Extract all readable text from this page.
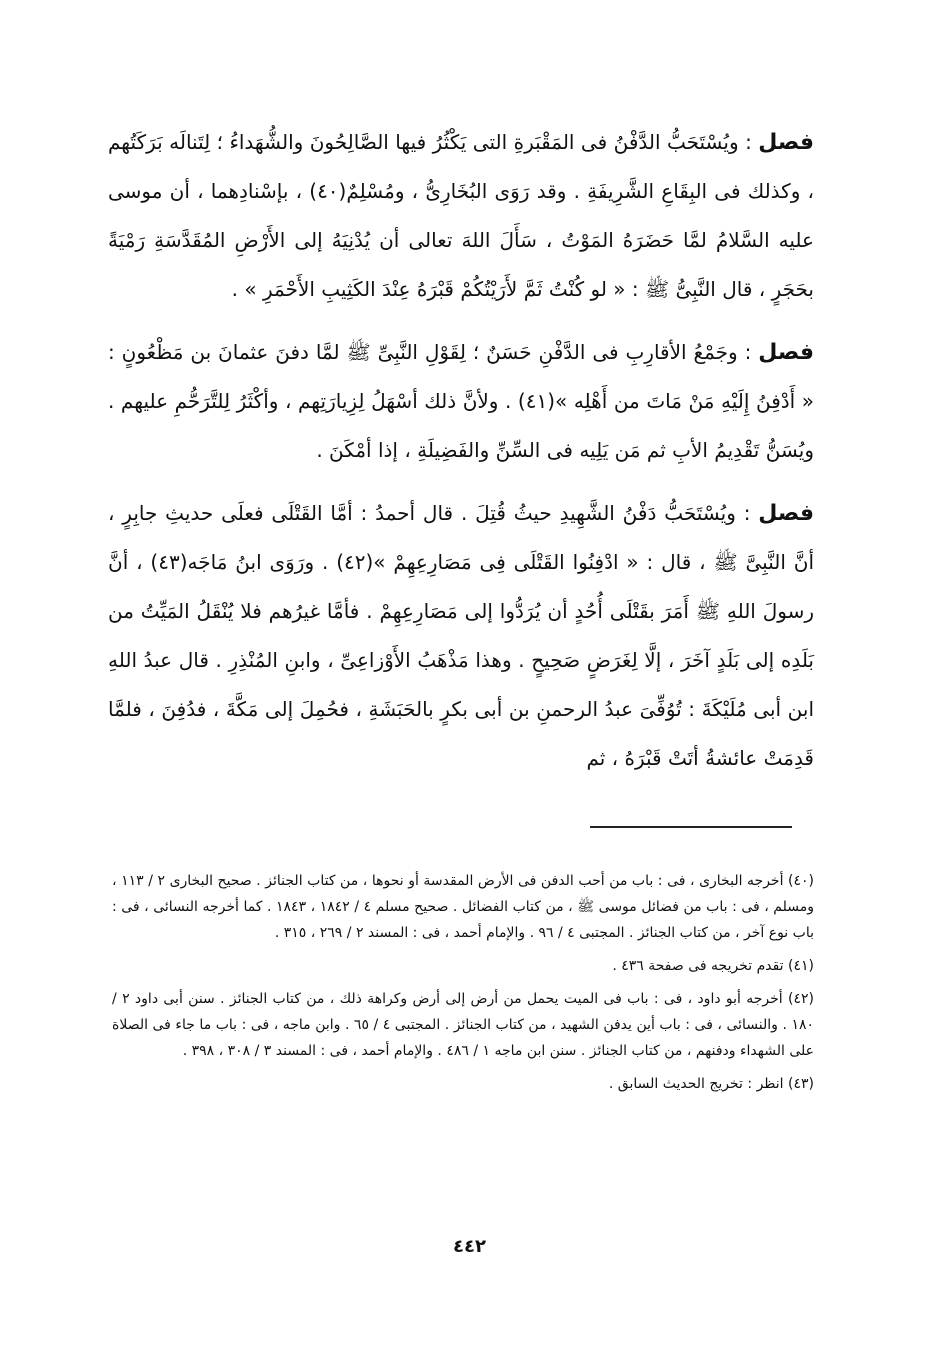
فصل : ويُسْتَحَبُّ الدَّفْنُ فى المَقْبَرةِ التى يَكْثُرُ فيها الصَّالِحُونَ والشُّهَداءُ ؛ لِتَنالَه بَرَكَتُهم ، وكذلك فى البِقَاعِ الشَّرِيفَةِ . وقد رَوَى البُخَارِىُّ ، ومُسْلِمٌ(٤٠) ، بإسْنادِهما ، أن موسى عليه السَّلامُ لمَّا حَضَرَهُ المَوْتُ ، سَأَلَ اللهَ تعالى أن يُدْنِيَهُ إلى الأَرْضِ المُقَدَّسَةِ رَمْيَةً بحَجَرٍ ، قال النَّبِىُّ ﷺ : « لو كُنْتُ ثَمَّ لأَرَيْتُكُمْ قَبْرَهُ عِنْدَ الكَثِيبِ الأَحْمَرِ » .

فصل : وجَمْعُ الأقارِبِ فى الدَّفْنِ حَسَنٌ ؛ لِقَوْلِ النَّبِىِّ ﷺ لمَّا دفنَ عثمانَ بن مَظْعُونٍ : « أَدْفِنُ إِلَيْهِ مَنْ مَاتَ من أَهْلِه »(٤١) . ولأنَّ ذلك أسْهَلُ لِزِيارَتِهم ، وأكْثَرُ لِلتَّرَحُّمِ عليهم . ويُسَنُّ تَقْدِيمُ الأبِ ثم مَن يَلِيه فى السِّنِّ والفَضِيلَةِ ، إذا أمْكَنَ .

فصل : ويُسْتَحَبُّ دَفْنُ الشَّهِيدِ حيثُ قُتِلَ . قال أحمدُ : أمَّا القَتْلَى فعلَى حديثِ جابِرٍ ، أنَّ النَّبِىَّ ﷺ ، قال : « ادْفِنُوا القَتْلَى فِى مَصَارِعِهِمْ »(٤٢) . ورَوَى ابنُ مَاجَه(٤٣) ، أنَّ رسولَ اللهِ ﷺ أَمَرَ بقَتْلَى أُحُدٍ أن يُرَدُّوا إلى مَصَارِعِهِمْ . فأمَّا غيرُهم فلا يُنْقَلُ المَيِّتُ من بَلَدِه إلى بَلَدٍ آخَرَ ، إلَّا لِغَرَضٍ صَحِيحٍ . وهذا مَذْهَبُ الأَوْزاعِىِّ ، وابنِ المُنْذِرِ . قال عبدُ اللهِ ابن أبى مُلَيْكَةَ : تُوُفِّىَ عبدُ الرحمنِ بن أبى بكرٍ بالحَبَشَةِ ، فحُمِلَ إلى مَكَّةَ ، فدُفِنَ ، فلمَّا قَدِمَتْ عائشةُ أتَتْ قَبْرَهُ ، ثم

(٤٠) أخرجه البخارى ، فى : باب من أحب الدفن فى الأرض المقدسة أو نحوها ، من كتاب الجنائز . صحيح البخارى ٢ / ١١٣ ، ومسلم ، فى : باب من فضائل موسى ﷺ ، من كتاب الفضائل . صحيح مسلم ٤ / ١٨٤٢ ، ١٨٤٣ . كما أخرجه النسائى ، فى : باب نوع آخر ، من كتاب الجنائز . المجتبى ٤ / ٩٦ . والإمام أحمد ، فى : المسند ٢ / ٢٦٩ ، ٣١٥ .

(٤١) تقدم تخريجه فى صفحة ٤٣٦ .

(٤٢) أخرجه أبو داود ، فى : باب فى الميت يحمل من أرض إلى أرض وكراهة ذلك ، من كتاب الجنائز . سنن أبى داود ٢ / ١٨٠ . والنسائى ، فى : باب أين يدفن الشهيد ، من كتاب الجنائز . المجتبى ٤ / ٦٥ . وابن ماجه ، فى : باب ما جاء فى الصلاة على الشهداء ودفنهم ، من كتاب الجنائز . سنن ابن ماجه ١ / ٤٨٦ . والإمام أحمد ، فى : المسند ٣ / ٣٠٨ ، ٣٩٨ .

(٤٣) انظر : تخريج الحديث السابق .

٤٤٢
